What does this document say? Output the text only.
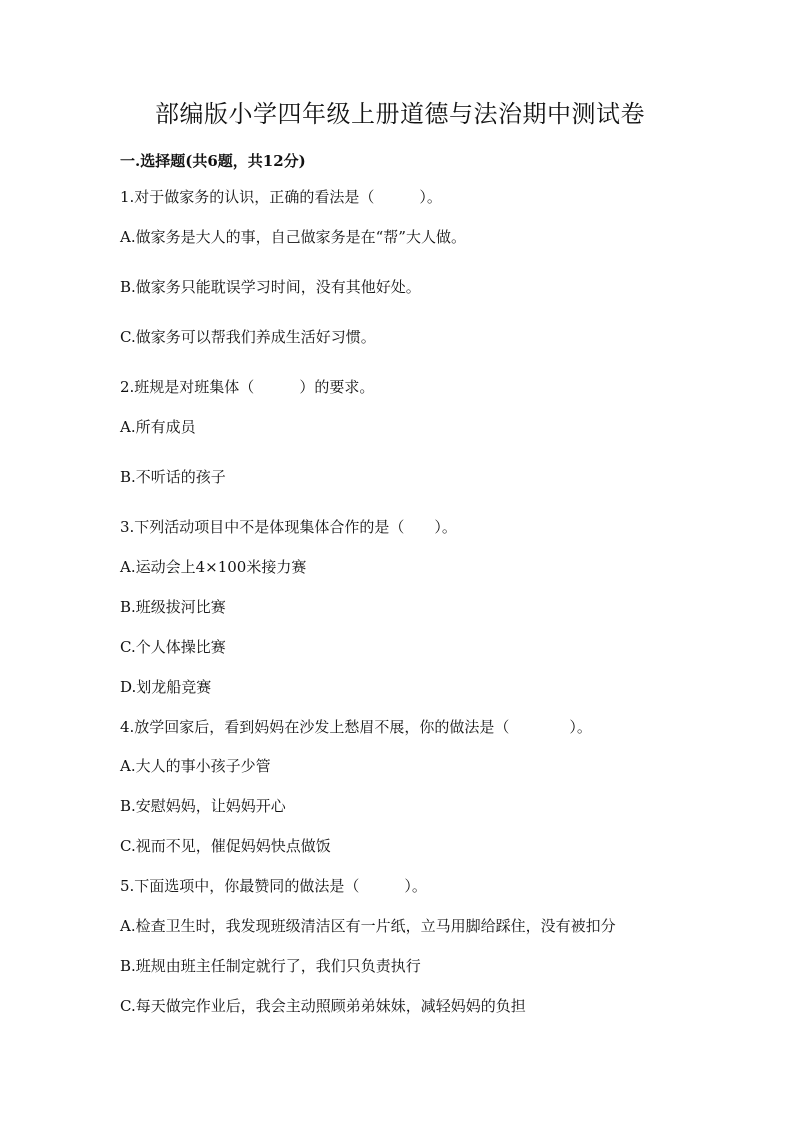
部编版小学四年级上册道德与法治期中测试卷
一.选择题(共6题，共12分)
1.对于做家务的认识，正确的看法是（　　　）。
A.做家务是大人的事，自己做家务是在“帮”大人做。
B.做家务只能耽误学习时间，没有其他好处。
C.做家务可以帮我们养成生活好习惯。
2.班规是对班集体（　　　）的要求。
A.所有成员
B.不听话的孩子
3.下列活动项目中不是体现集体合作的是（　　）。
A.运动会上4×100米接力赛
B.班级拔河比赛
C.个人体操比赛
D.划龙船竞赛
4.放学回家后，看到妈妈在沙发上愁眉不展，你的做法是（　　　　）。
A.大人的事小孩子少管
B.安慰妈妈，让妈妈开心
C.视而不见，催促妈妈快点做饭
5.下面选项中，你最赞同的做法是（　　　）。
A.检查卫生时，我发现班级清洁区有一片纸，立马用脚给踩住，没有被扣分
B.班规由班主任制定就行了，我们只负责执行
C.每天做完作业后，我会主动照顾弟弟妹妹，减轻妈妈的负担
